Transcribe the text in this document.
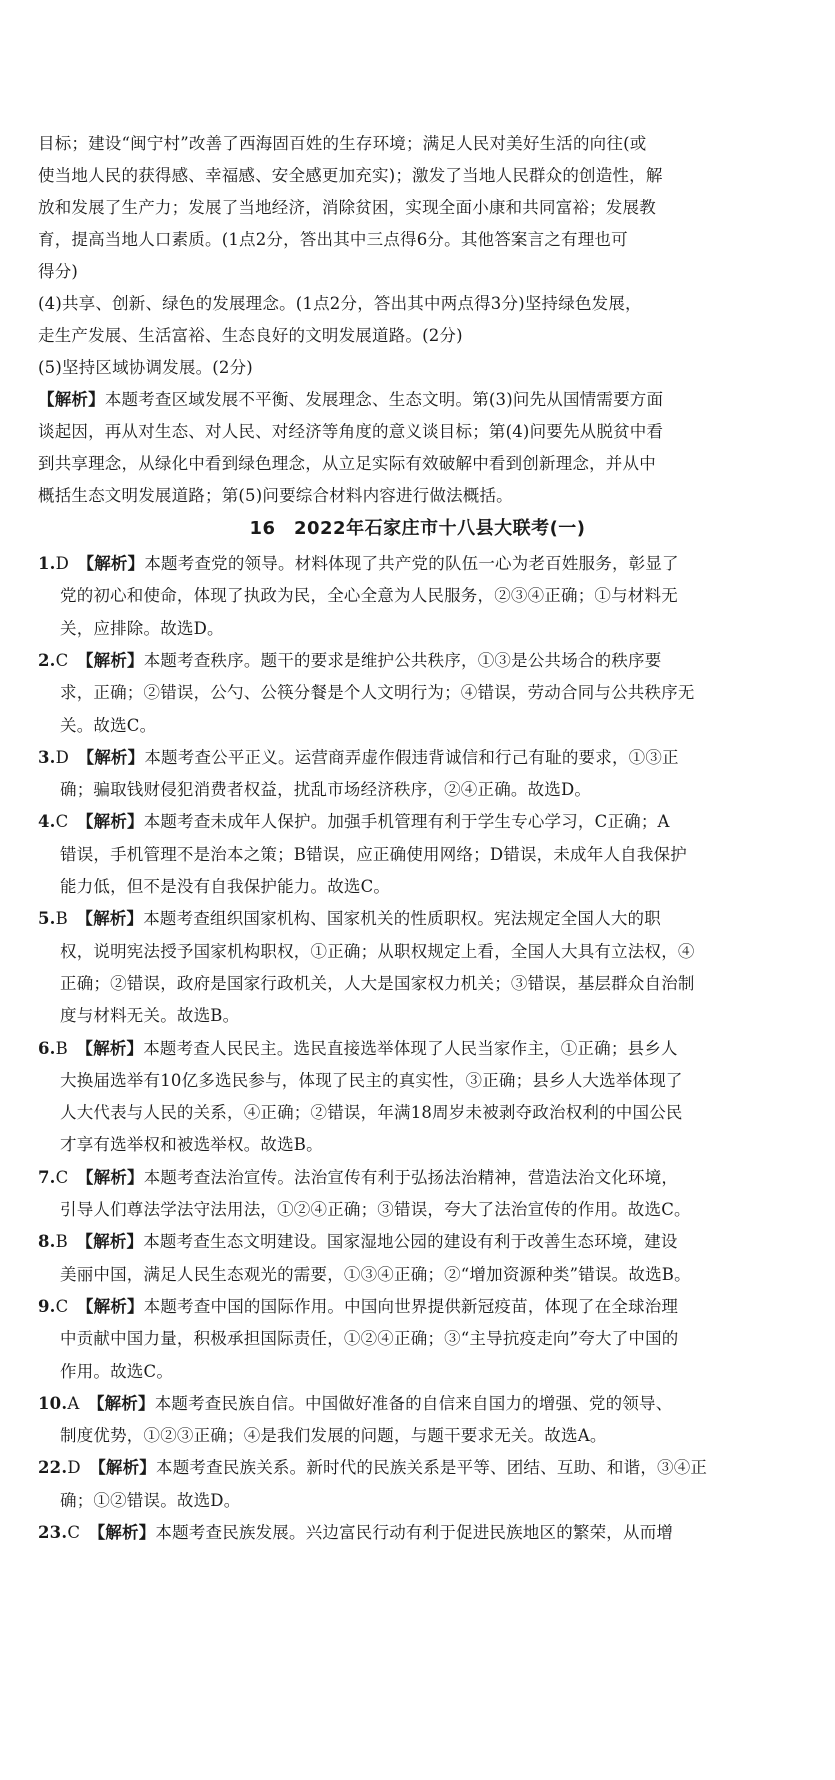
目标；建设“闽宁村”改善了西海固百姓的生存环境；满足人民对美好生活的向往(或
使当地人民的获得感、幸福感、安全感更加充实)；激发了当地人民群众的创造性，解
放和发展了生产力；发展了当地经济，消除贫困，实现全面小康和共同富裕；发展教
育，提高当地人口素质。(1点2分，答出其中三点得6分。其他答案言之有理也可
得分)
(4)共享、创新、绿色的发展理念。(1点2分，答出其中两点得3分)坚持绿色发展，
走生产发展、生活富裕、生态良好的文明发展道路。(2分)
(5)坚持区域协调发展。(2分)
【解析】本题考查区域发展不平衡、发展理念、生态文明。第(3)问先从国情需要方面
谈起因，再从对生态、对人民、对经济等角度的意义谈目标；第(4)问要先从脱贫中看
到共享理念，从绿化中看到绿色理念，从立足实际有效破解中看到创新理念，并从中
概括生态文明发展道路；第(5)问要综合材料内容进行做法概括。
16　2022年石家庄市十八县大联考(一)
1.D 【解析】本题考查党的领导。材料体现了共产党的队伍一心为老百姓服务，彰显了
党的初心和使命，体现了执政为民，全心全意为人民服务，②③④正确；①与材料无
关，应排除。故选D。
2.C 【解析】本题考查秩序。题干的要求是维护公共秩序，①③是公共场合的秩序要
求，正确；②错误，公勺、公筷分餐是个人文明行为；④错误，劳动合同与公共秩序无
关。故选C。
3.D 【解析】本题考查公平正义。运营商弄虚作假违背诚信和行己有耻的要求，①③正
确；骗取钱财侵犯消费者权益，扰乱市场经济秩序，②④正确。故选D。
4.C 【解析】本题考查未成年人保护。加强手机管理有利于学生专心学习，C正确；A
错误，手机管理不是治本之策；B错误，应正确使用网络；D错误，未成年人自我保护
能力低，但不是没有自我保护能力。故选C。
5.B 【解析】本题考查组织国家机构、国家机关的性质职权。宪法规定全国人大的职
权，说明宪法授予国家机构职权，①正确；从职权规定上看，全国人大具有立法权，④
正确；②错误，政府是国家行政机关，人大是国家权力机关；③错误，基层群众自治制
度与材料无关。故选B。
6.B 【解析】本题考查人民民主。选民直接选举体现了人民当家作主，①正确；县乡人
大换届选举有10亿多选民参与，体现了民主的真实性，③正确；县乡人大选举体现了
人大代表与人民的关系，④正确；②错误，年满18周岁未被剥夺政治权利的中国公民
才享有选举权和被选举权。故选B。
7.C 【解析】本题考查法治宣传。法治宣传有利于弘扬法治精神，营造法治文化环境，
引导人们尊法学法守法用法，①②④正确；③错误，夸大了法治宣传的作用。故选C。
8.B 【解析】本题考查生态文明建设。国家湿地公园的建设有利于改善生态环境，建设
美丽中国，满足人民生态观光的需要，①③④正确；②“增加资源种类”错误。故选B。
9.C 【解析】本题考查中国的国际作用。中国向世界提供新冠疫苗，体现了在全球治理
中贡献中国力量，积极承担国际责任，①②④正确；③“主导抗疫走向”夸大了中国的
作用。故选C。
10.A 【解析】本题考查民族自信。中国做好准备的自信来自国力的增强、党的领导、
制度优势，①②③正确；④是我们发展的问题，与题干要求无关。故选A。
22.D 【解析】本题考查民族关系。新时代的民族关系是平等、团结、互助、和谐，③④正
确；①②错误。故选D。
23.C 【解析】本题考查民族发展。兴边富民行动有利于促进民族地区的繁荣，从而增
